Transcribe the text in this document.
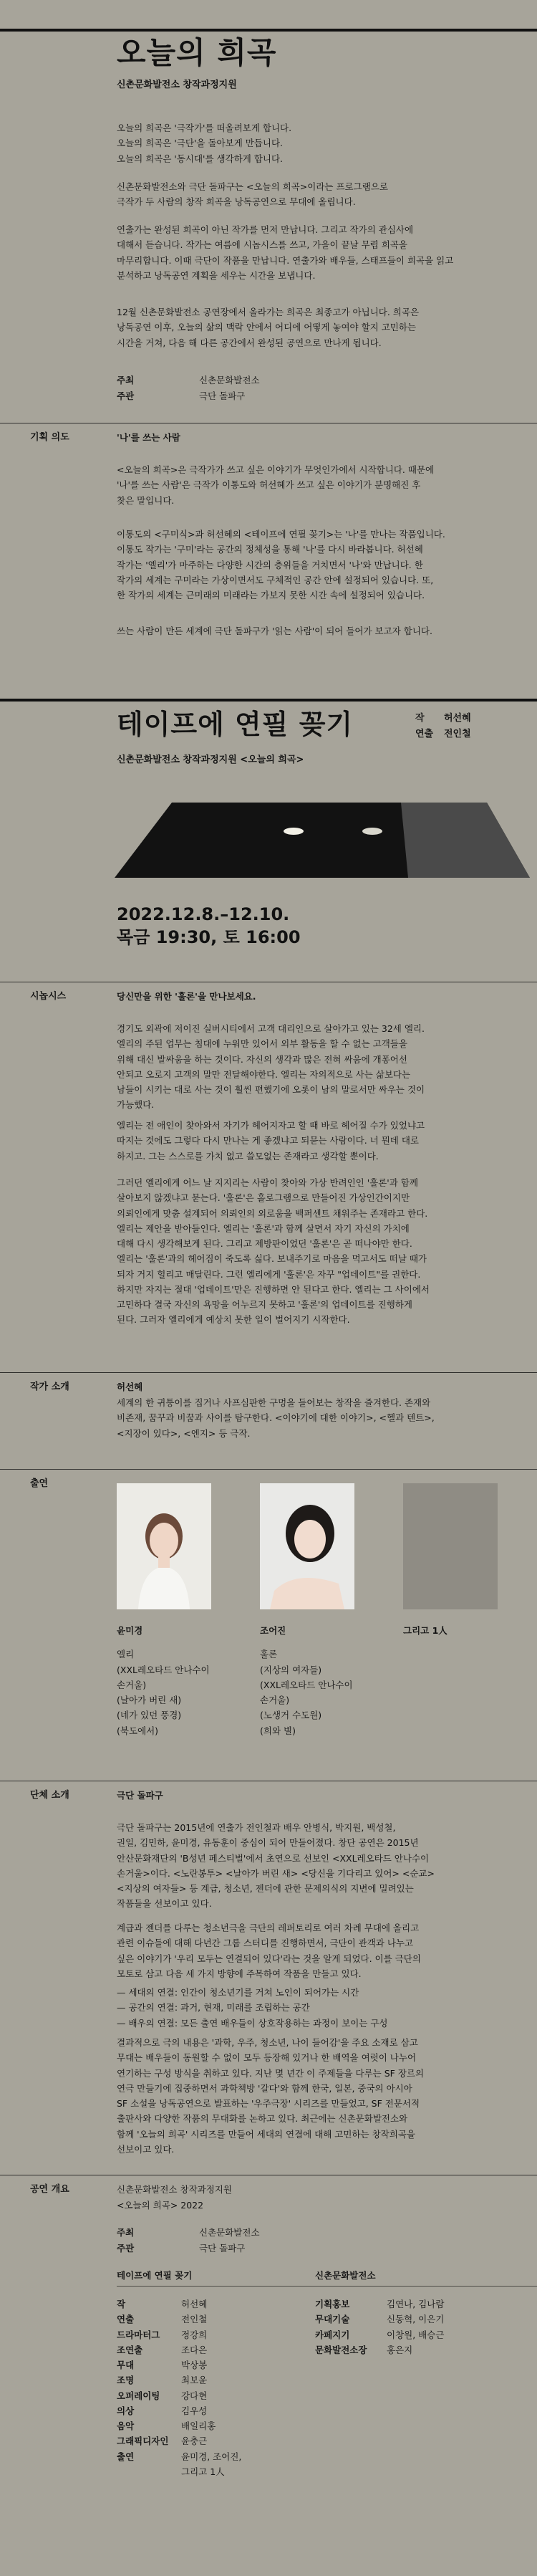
오늘의 희곡
신촌문화발전소 창작과정지원

오늘의 희곡은 '극작가'를 떠올려보게 합니다.
오늘의 희곡은 '극단'을 돌아보게 만듭니다.
오늘의 희곡은 '동시대'를 생각하게 합니다.

신촌문화발전소와 극단 돌파구는 <오늘의 희곡>이라는 프로그램으로
극작가 두 사람의 창작 희곡을 낭독공연으로 무대에 올립니다.

연출가는 완성된 희곡이 아닌 작가를 먼저 만납니다. 그리고 작가의 관심사에
대해서 듣습니다. 작가는 여름에 시놉시스를 쓰고, 가을이 끝날 무렵 희곡을
마무리합니다. 이때 극단이 작품을 만납니다. 연출가와 배우들, 스태프들이 희곡을 읽고
분석하고 낭독공연 계획을 세우는 시간을 보냅니다.

12월 신촌문화발전소 공연장에서 올라가는 희곡은 최종고가 아닙니다. 희곡은
낭독공연 이후, 오늘의 삶의 맥락 안에서 어디에 어떻게 놓여야 할지 고민하는
시간을 거쳐, 다음 해 다른 공간에서 완성된 공연으로 만나게 됩니다.

주최	신촌문화발전소
주관	극단 돌파구
기획 의도	'나'를 쓰는 사람

<오늘의 희곡>은 극작가가 쓰고 싶은 이야기가 무엇인가에서 시작합니다. 때문에
'나'를 쓰는 사람'은 극작가 이통도와 허선혜가 쓰고 싶은 이야기가 분명해진 후
찾은 말입니다.

이통도의 <구미식>과 허선혜의 <테이프에 연필 꽂기>는 '나'를 만나는 작품입니다.
이통도 작가는 '구미'라는 공간의 정체성을 통해 '나'를 다시 바라봅니다. 허선혜
작가는 '엘리'가 마주하는 다양한 시간의 층위들을 거치면서 '나'와 만납니다. 한
작가의 세계는 구미라는 가상이면서도 구체적인 공간 안에 설정되어 있습니다. 또,
한 작가의 세계는 근미래의 미래라는 가보지 못한 시간 속에 설정되어 있습니다.

쓰는 사람이 만든 세계에 극단 돌파구가 '읽는 사람'이 되어 들어가 보고자 합니다.

테이프에 연필 꽂기	작 허선혜
연출 전인철
신촌문화발전소 창작과정지원 <오늘의 희곡>
2022.12.8.–12.10.
목금 19:30, 토 16:00
시놉시스	당신만을 위한 '훌론'을 만나보세요.

경기도 외곽에 저이진 실버시티에서 고객 대리인으로 살아가고 있는 32세 엘리.
엘리의 주된 업무는 침대에 누워만 있어서 외부 활동을 할 수 없는 고객들을
위해 대신 발싸움을 하는 것이다. 자신의 생각과 많은 전혀 싸움에 개퐁어선
안되고 오로지 고객의 말만 전달해야한다. 엘리는 자의적으로 사는 삶보다는
남들이 시키는 대로 사는 것이 훨씬 편했기에 오롯이 남의 말로서만 싸우는 것이
가능했다.

엘리는 전 애인이 찾아와서 자기가 헤어지자고 할 때 바로 헤어질 수가 있었냐고
따지는 것에도 그렇다 다시 만나는 게 좋겠냐고 되묻는 사람이다. 너 뭔데 대로
하지고. 그는 스스로를 가치 없고 쓸모없는 존재라고 생각할 뿐이다.

그러던 엘리에게 어느 날 지지리는 사람이 찾아와 가상 반려인인 '훌론'과 함께
살아보지 않겠냐고 묻는다. '훌론'은 홀로그램으로 만들어진 가상인간이지만
의뢰인에게 맞춤 설계되어 의뢰인의 외로움을 백퍼센트 채워주는 존재라고 한다.
엘리는 제안을 받아들인다. 엘리는 '훌론'과 함께 살면서 자기 자신의 가치에
대해 다시 생각해보게 된다. 그리고 제방판이었던 '훌론'은 곧 떠나야만 한다.
엘리는 '훌론'과의 헤어짐이 죽도록 싫다. 보내주기로 마음을 먹고서도 떠날 때가
되자 거지 헐리고 매달린다. 그런 엘리에게 '훌론'은 자꾸 "업데이트"를 권한다.
하지만 자지는 절대 '업데이트'만은 진행하면 안 된다고 한다. 엘리는 그 사이에서
고민하다 결국 자신의 욕망을 어누르지 못하고 '훌론'의 업데이트를 진행하게
된다. 그러자 엘리에게 예상치 못한 일이 벌어지기 시작한다.

작가 소개	허선혜

세계의 한 귀퉁이를 집거나 사프심판한 구멍을 들어보는 창작을 즐겨한다. 존재와
비존재, 꿈꾸과 비꿈과 사이를 탐구한다. <이야기에 대한 이야기>, <헬과 텐트>,
<지장이 있다>, <엔지> 등 극작.

출연
윤미경
엘리
(XXL레오타드 안나수이
손거울)
(날아가 버린 새)
(네가 있던 풍경)
(북도에서)
조어진
훌론
(지상의 여자들)
(XXL레오타드 안나수이
손거울)
(노생거 수도원)
(희와 별)
그리고 1人
단체 소개	극단 돌파구

극단 돌파구는 2015년에 연출가 전인철과 배우 안병식, 박지원, 백성철,
권일, 김민하, 윤미경, 유동훈이 중심이 되어 만들어졌다. 창단 공연은 2015년
안산문화재단의 'B성년 페스티벌'에서 초연으로 선보인 <XXL레오타드 안나수이
손거울>이다. <노란봉투> <날아가 버린 새> <당신을 기다리고 있어> <순교>
<지상의 여자들> 등 계급, 청소년, 젠더에 관한 문제의식의 지변에 밀려있는
작품들을 선보이고 있다.

계급과 젠더를 다루는 청소년극을 극단의 레퍼토리로 여러 차례 무대에 올리고
관련 이슈들에 대해 다년간 그룹 스터디를 진행하면서, 극단이 관객과 나누고
싶은 이야기가 '우리 모두는 연결되어 있다'라는 것을 알게 되었다. 이를 극단의
모토로 삼고 다음 세 가지 방향에 주목하여 작품을 만들고 있다.

— 세대의 연결: 인간이 청소년기를 거쳐 노인이 되어가는 시간
— 공간의 연결: 과거, 현재, 미래를 조립하는 공간
— 배우의 연결: 모든 출연 배우들이 상호작용하는 과정이 보이는 구성

결과적으로 극의 내용은 '과학, 우주, 청소년, 나이 들어감'을 주요 소재로 삼고
무대는 배우들이 동원할 수 없이 모두 등장해 있거나 한 배역을 여럿이 나누어
연기하는 구성 방식을 취하고 있다. 지난 몇 년간 이 주제들을 다루는 SF 장르의
연극 만들기에 집중하면서 과학책방 '갈다'와 함께 한국, 일본, 중국의 아시아
SF 소설을 낭독공연으로 발표하는 '우주극장' 시리즈를 만들었고, SF 전문서적
출판사와 다양한 작품의 무대화를 논하고 있다. 최근에는 신촌문화발전소와
함께 '오늘의 희곡' 시리즈를 만들어 세대의 연결에 대해 고민하는 창작희곡을
선보이고 있다.

공연 개요	신촌문화발전소 창작과정지원
<오늘의 희곡> 2022
주최	신촌문화발전소
주관	극단 돌파구
테이프에 연필 꽂기	신촌문화발전소
작	허선혜
연출	전인철
드라마터그	정강희
조연출	조다은
무대	박상봉
조명	최보윤
오퍼레이팅	강다현
의상	김우성
음악	배일리홍
그래픽디자인	윤충근
출연	윤미경, 조어진,
그리고 1人
기획홍보	김연나, 김나람
무대기술	신동혁, 이은기
카페지기	이창원, 배승근
문화발전소장	홍은지
